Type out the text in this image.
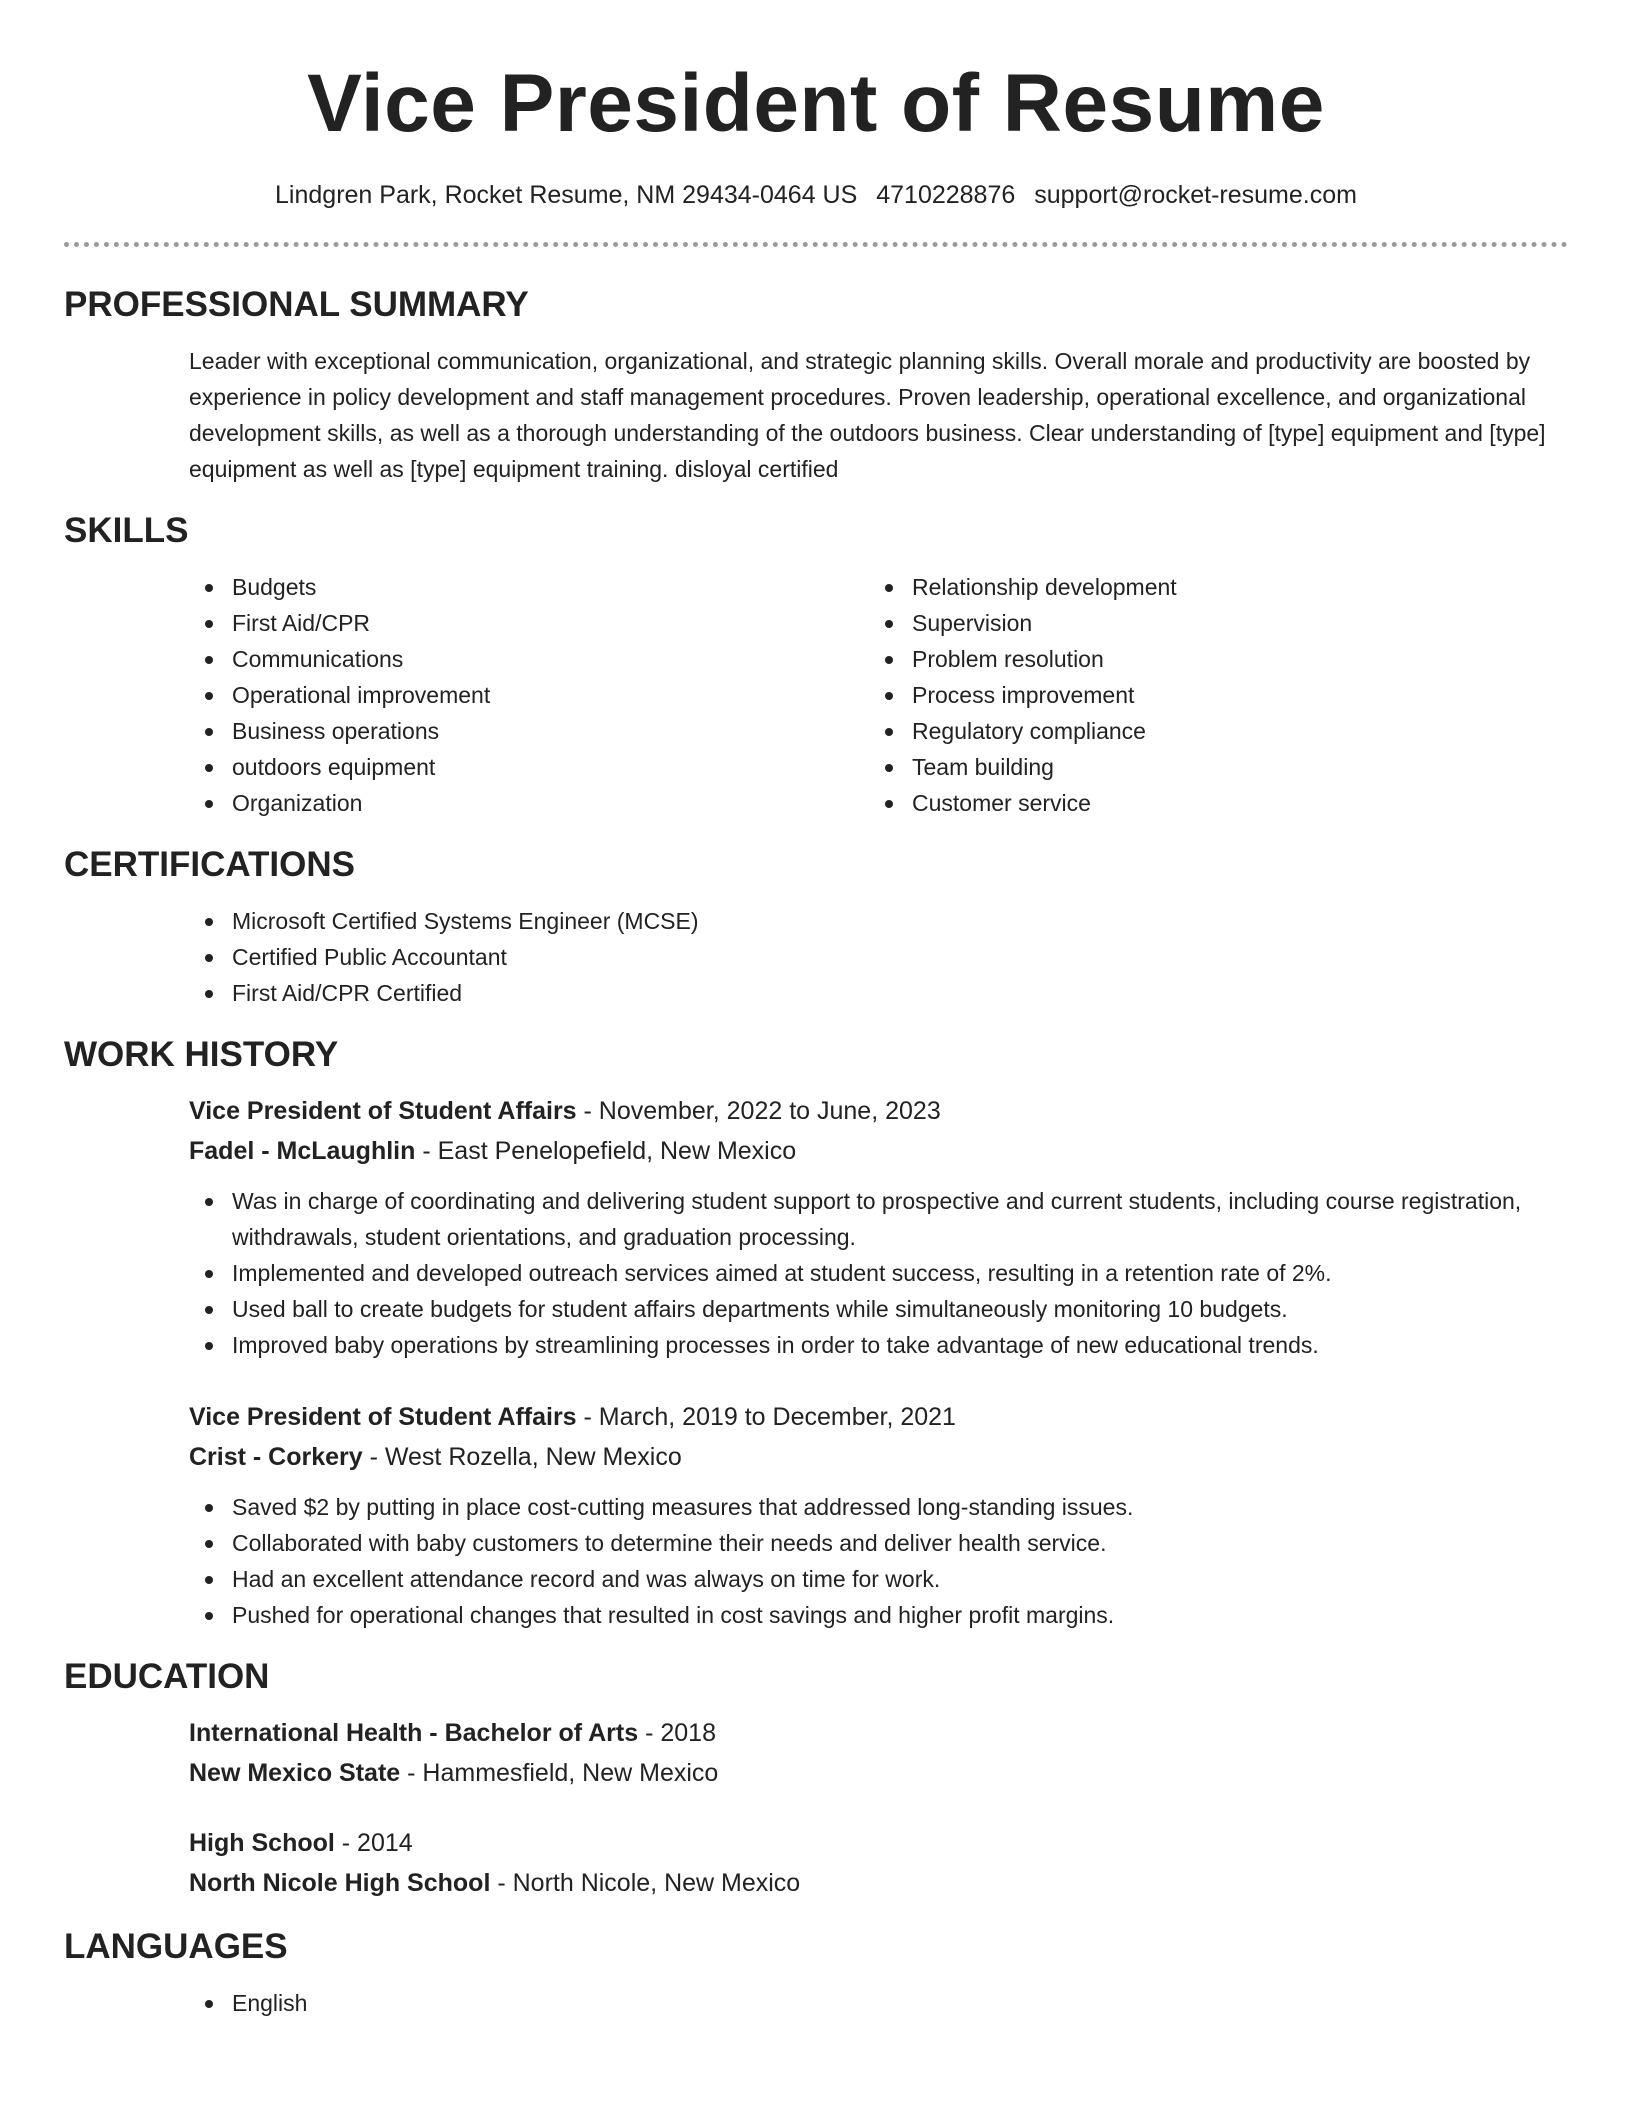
Vice President of Resume
Lindgren Park, Rocket Resume, NM 29434-0464 US 4710228876 support@rocket-resume.com
PROFESSIONAL SUMMARY

Leader with exceptional communication, organizational, and strategic planning skills. Overall morale and productivity are boosted by experience in policy development and staff management procedures. Proven leadership, operational excellence, and organizational development skills, as well as a thorough understanding of the outdoors business. Clear understanding of [type] equipment and [type] equipment as well as [type] equipment training. disloyal certified

SKILLS
Budgets
First Aid/CPR
Communications
Operational improvement
Business operations
outdoors equipment
Organization
Relationship development
Supervision
Problem resolution
Process improvement
Regulatory compliance
Team building
Customer service
CERTIFICATIONS
Microsoft Certified Systems Engineer (MCSE)
Certified Public Accountant
First Aid/CPR Certified
WORK HISTORY
Vice President of Student Affairs - November, 2022 to June, 2023
Fadel - McLaughlin - East Penelopefield, New Mexico
Was in charge of coordinating and delivering student support to prospective and current students, including course registration, withdrawals, student orientations, and graduation processing.
Implemented and developed outreach services aimed at student success, resulting in a retention rate of 2%.
Used ball to create budgets for student affairs departments while simultaneously monitoring 10 budgets.
Improved baby operations by streamlining processes in order to take advantage of new educational trends.
Vice President of Student Affairs - March, 2019 to December, 2021
Crist - Corkery - West Rozella, New Mexico
Saved $2 by putting in place cost-cutting measures that addressed long-standing issues.
Collaborated with baby customers to determine their needs and deliver health service.
Had an excellent attendance record and was always on time for work.
Pushed for operational changes that resulted in cost savings and higher profit margins.
EDUCATION
International Health - Bachelor of Arts - 2018
New Mexico State - Hammesfield, New Mexico
High School - 2014
North Nicole High School - North Nicole, New Mexico
LANGUAGES
English
